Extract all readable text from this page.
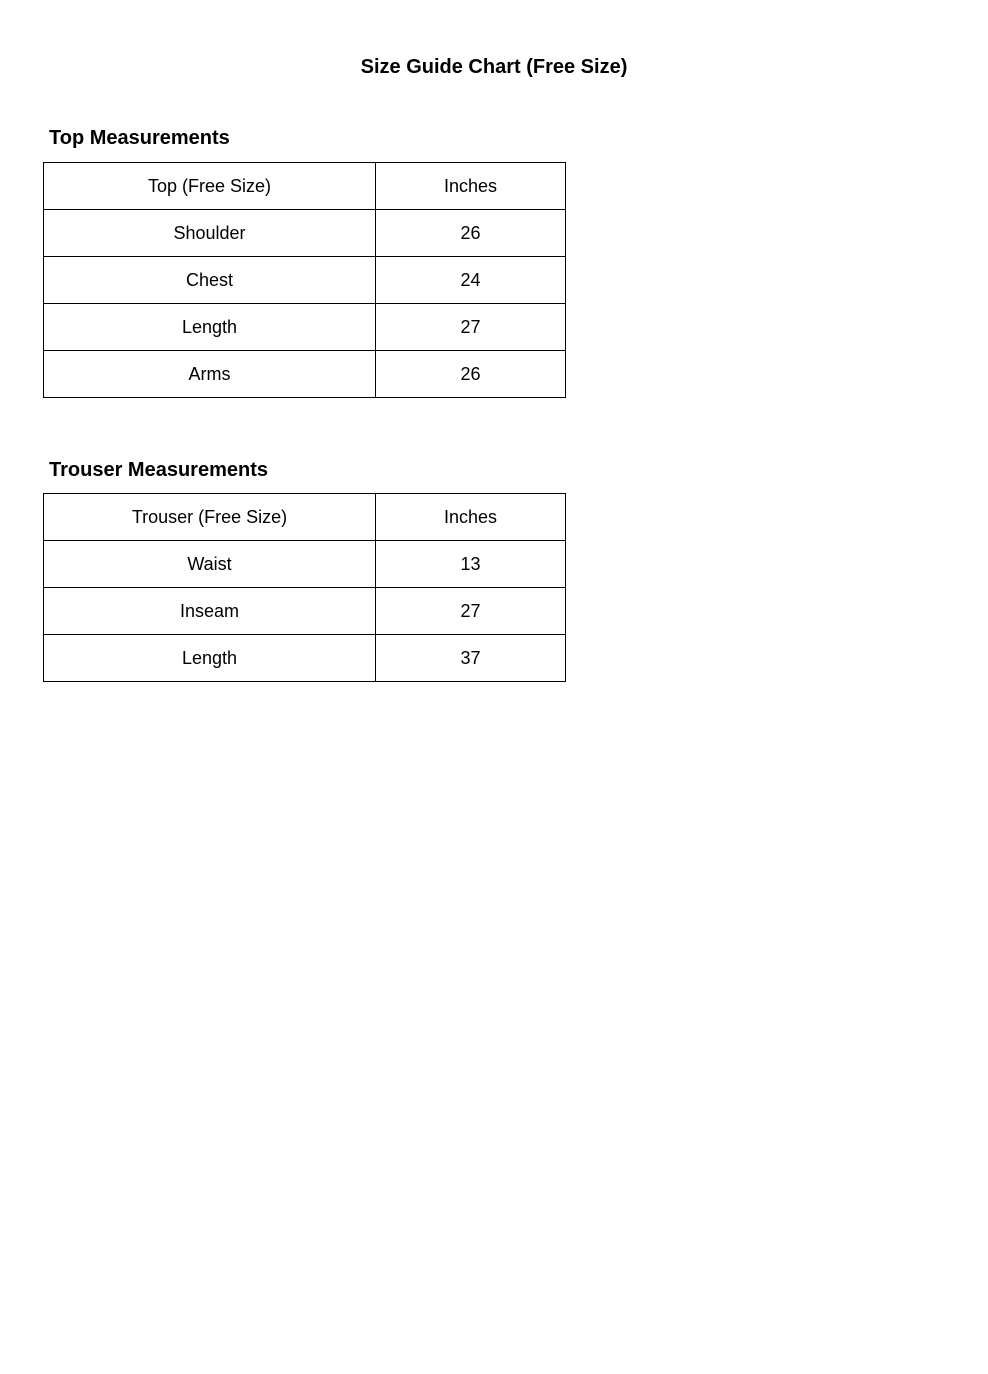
Size Guide Chart (Free Size)
Top Measurements
Top (Free Size)	Inches
Shoulder	26
Chest	24
Length	27
Arms	26
Trouser Measurements
Trouser (Free Size)	Inches
Waist	13
Inseam	27
Length	37
